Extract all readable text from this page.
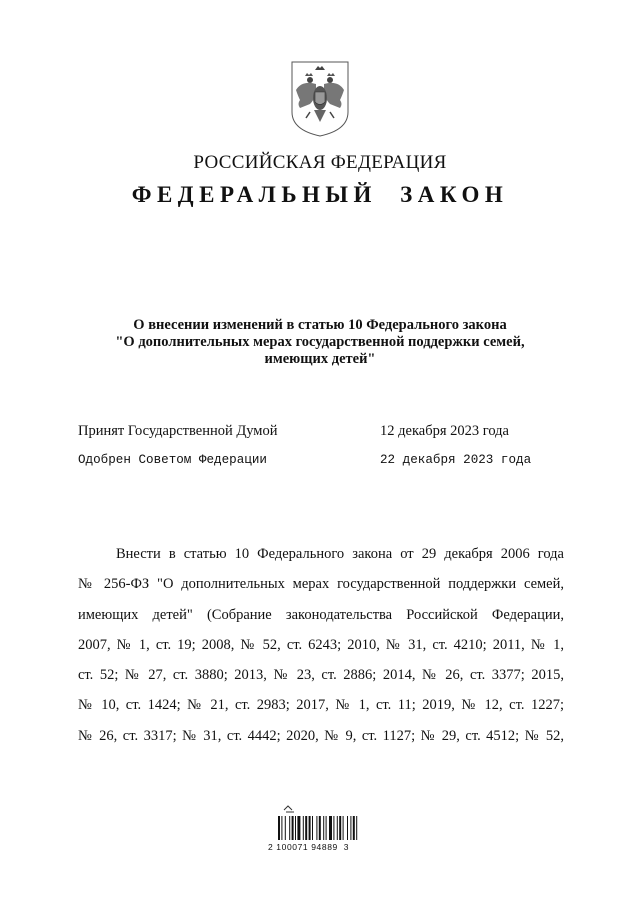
РОССИЙСКАЯ ФЕДЕРАЦИЯ
ФЕДЕРАЛЬНЫЙ ЗАКОН
О внесении изменений в статью 10 Федерального закона
"О дополнительных мерах государственной поддержки семей,
имеющих детей"
Принят Государственной Думой	12 декабря 2023 года
Одобрен Советом Федерации	22 декабря 2023 года
Внести в статью 10 Федерального закона от 29 декабря 2006 года
№ 256-ФЗ "О дополнительных мерах государственной поддержки семей,
имеющих детей" (Собрание законодательства Российской Федерации,
2007, № 1, ст. 19; 2008, № 52, ст. 6243; 2010, № 31, ст. 4210; 2011, № 1,
ст. 52; № 27, ст. 3880; 2013, № 23, ст. 2886; 2014, № 26, ст. 3377; 2015,
№ 10, ст. 1424; № 21, ст. 2983; 2017, № 1, ст. 11; 2019, № 12, ст. 1227;
№ 26, ст. 3317; № 31, ст. 4442; 2020, № 9, ст. 1127; № 29, ст. 4512; № 52,
2 100071 94889  3
